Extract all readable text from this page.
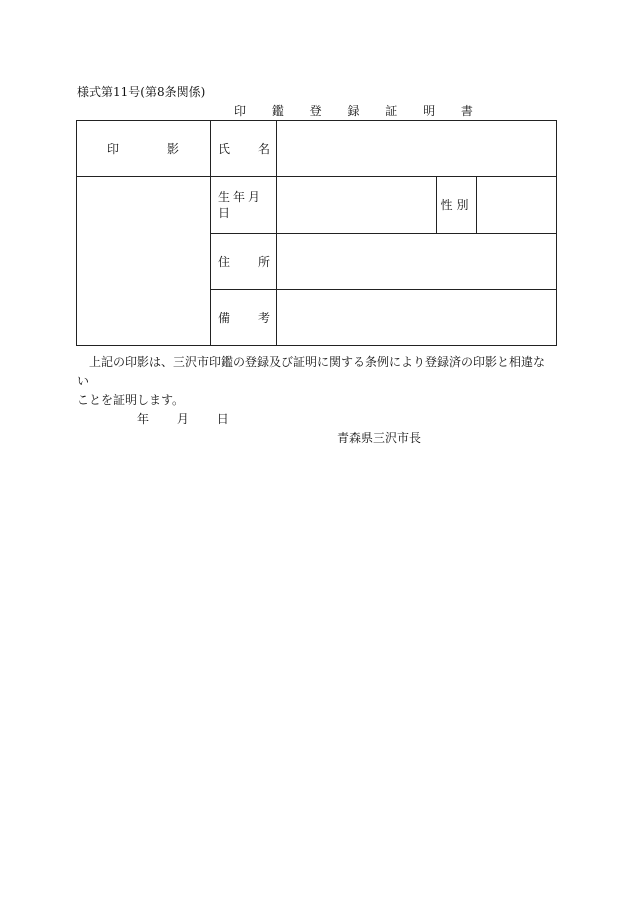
様式第11号(第8条関係)
印 鑑 登 録 証 明 書
印 影	氏 名			

	生年月日		性別	

	住 所			

	備 考			

上記の印影は、三沢市印鑑の登録及び証明に関する条例により登録済の印影と相違ない

ことを証明します。

年 月 日
青森県三沢市長
